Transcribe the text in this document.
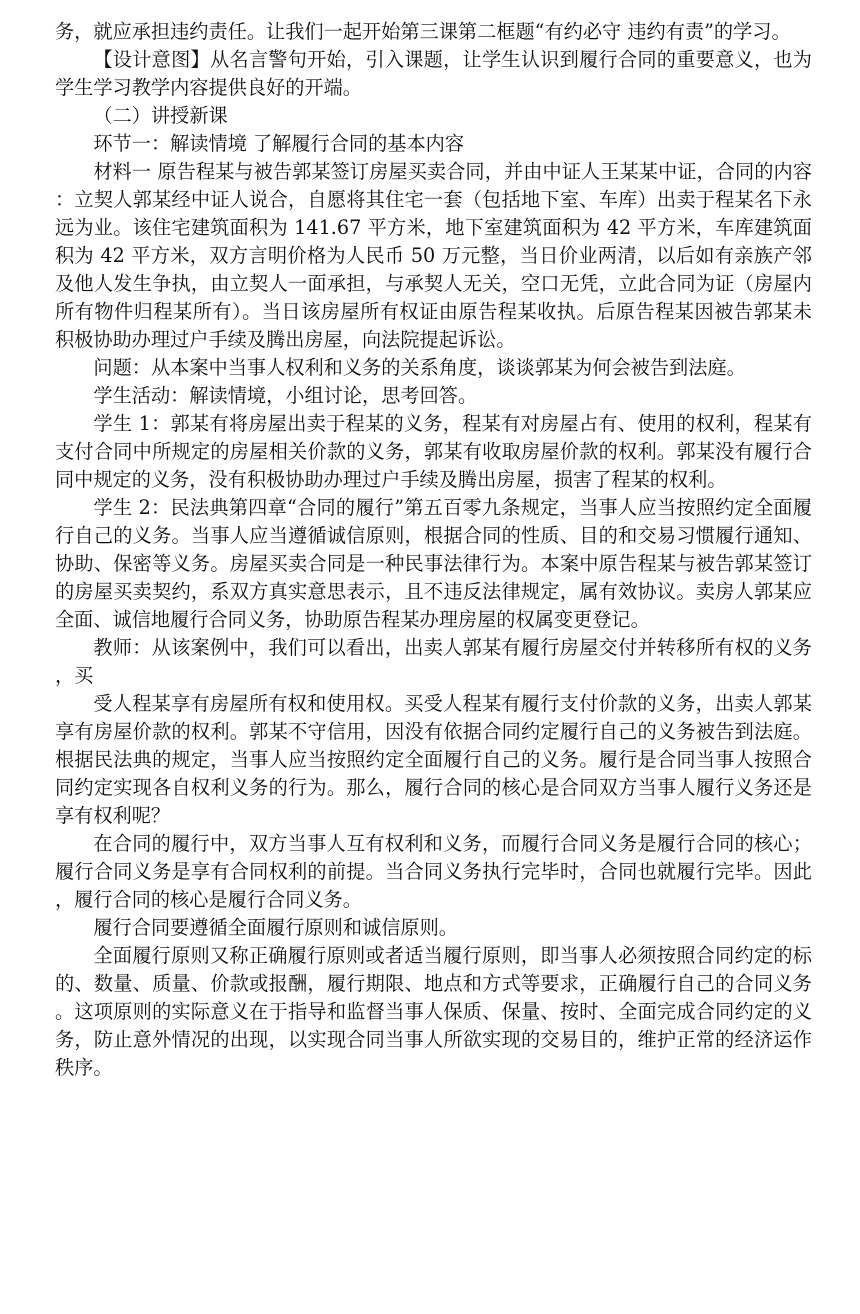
务，就应承担违约责任。让我们一起开始第三课第二框题“有约必守 违约有责”的学习。

【设计意图】从名言警句开始，引入课题，让学生认识到履行合同的重要意义，也为学生学习教学内容提供良好的开端。

（二）讲授新课

环节一：解读情境 了解履行合同的基本内容

材料一 原告程某与被告郭某签订房屋买卖合同，并由中证人王某某中证，合同的内容：立契人郭某经中证人说合，自愿将其住宅一套（包括地下室、车库）出卖于程某名下永远为业。该住宅建筑面积为 141.67 平方米，地下室建筑面积为 42 平方米，车库建筑面积为 42 平方米，双方言明价格为人民币 50 万元整，当日价业两清，以后如有亲族产邻及他人发生争执，由立契人一面承担，与承契人无关，空口无凭，立此合同为证（房屋内所有物件归程某所有）。当日该房屋所有权证由原告程某收执。后原告程某因被告郭某未积极协助办理过户手续及腾出房屋，向法院提起诉讼。

问题：从本案中当事人权利和义务的关系角度，谈谈郭某为何会被告到法庭。

学生活动：解读情境，小组讨论，思考回答。

学生 1：郭某有将房屋出卖于程某的义务，程某有对房屋占有、使用的权利，程某有支付合同中所规定的房屋相关价款的义务，郭某有收取房屋价款的权利。郭某没有履行合同中规定的义务，没有积极协助办理过户手续及腾出房屋，损害了程某的权利。

学生 2：民法典第四章“合同的履行”第五百零九条规定，当事人应当按照约定全面履行自己的义务。当事人应当遵循诚信原则，根据合同的性质、目的和交易习惯履行通知、协助、保密等义务。房屋买卖合同是一种民事法律行为。本案中原告程某与被告郭某签订的房屋买卖契约，系双方真实意思表示，且不违反法律规定，属有效协议。卖房人郭某应全面、诚信地履行合同义务，协助原告程某办理房屋的权属变更登记。

教师：从该案例中，我们可以看出，出卖人郭某有履行房屋交付并转移所有权的义务，买

受人程某享有房屋所有权和使用权。买受人程某有履行支付价款的义务，出卖人郭某享有房屋价款的权利。郭某不守信用，因没有依据合同约定履行自己的义务被告到法庭。根据民法典的规定，当事人应当按照约定全面履行自己的义务。履行是合同当事人按照合同约定实现各自权利义务的行为。那么，履行合同的核心是合同双方当事人履行义务还是享有权利呢？

在合同的履行中，双方当事人互有权利和义务，而履行合同义务是履行合同的核心；履行合同义务是享有合同权利的前提。当合同义务执行完毕时，合同也就履行完毕。因此，履行合同的核心是履行合同义务。

履行合同要遵循全面履行原则和诚信原则。

全面履行原则又称正确履行原则或者适当履行原则，即当事人必须按照合同约定的标的、数量、质量、价款或报酬，履行期限、地点和方式等要求，正确履行自己的合同义务。这项原则的实际意义在于指导和监督当事人保质、保量、按时、全面完成合同约定的义务，防止意外情况的出现，以实现合同当事人所欲实现的交易目的，维护正常的经济运作秩序。
